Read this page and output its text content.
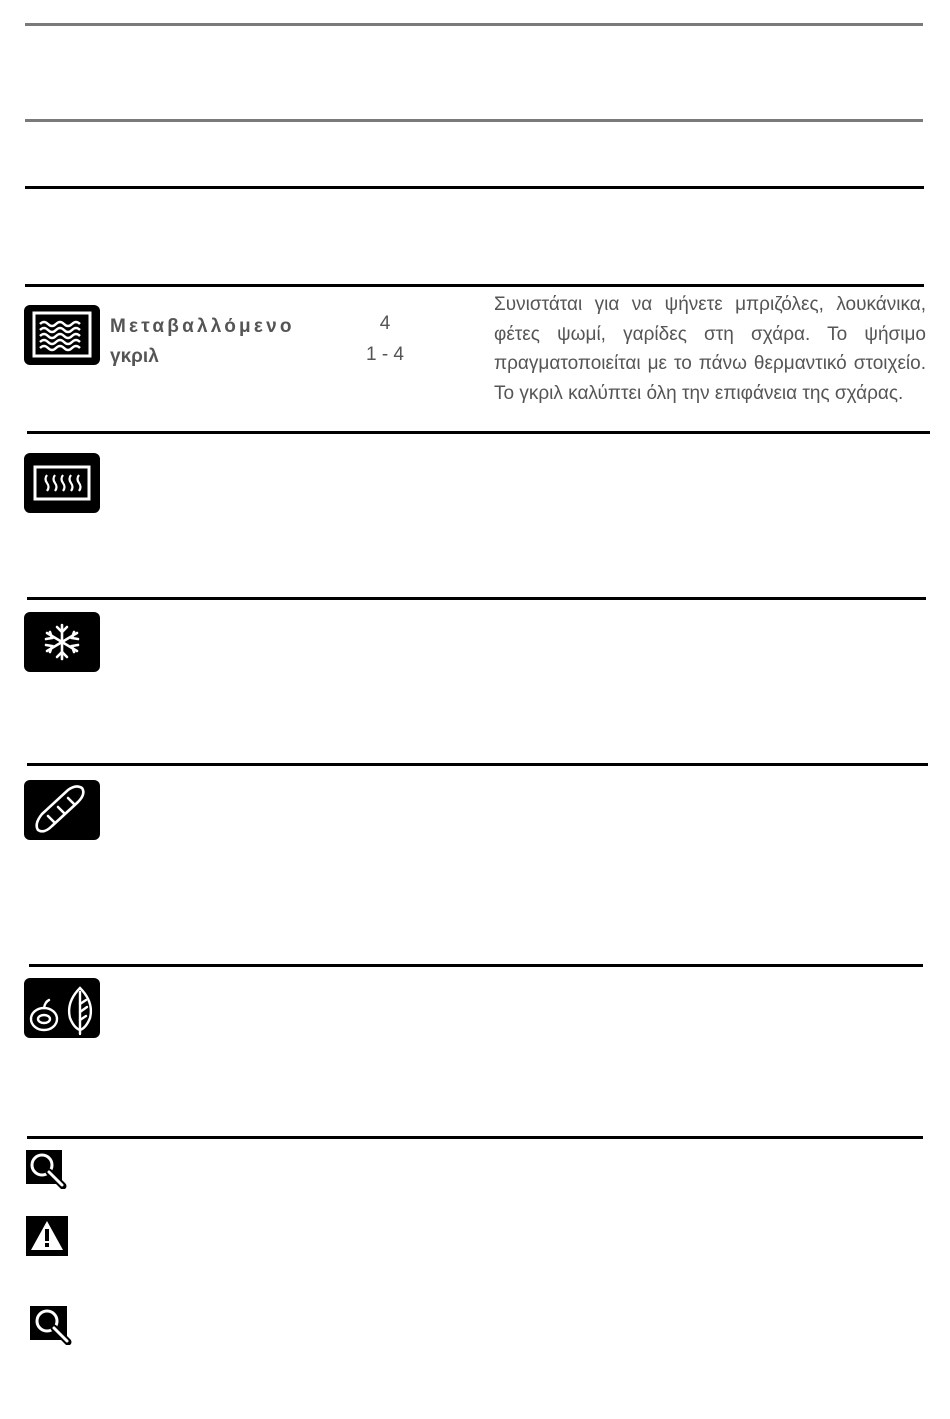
Μεταβαλλόμενο
γκριλ
4
1 - 4
Συνιστάται για να ψήνετε μπριζόλες, λουκάνικα,
φέτες ψωμί, γαρίδες στη σχάρα. Το ψήσιμο
πραγματοποιείται με το πάνω θερμαντικό στοιχείο.
Το γκριλ καλύπτει όλη την επιφάνεια της σχάρας.
